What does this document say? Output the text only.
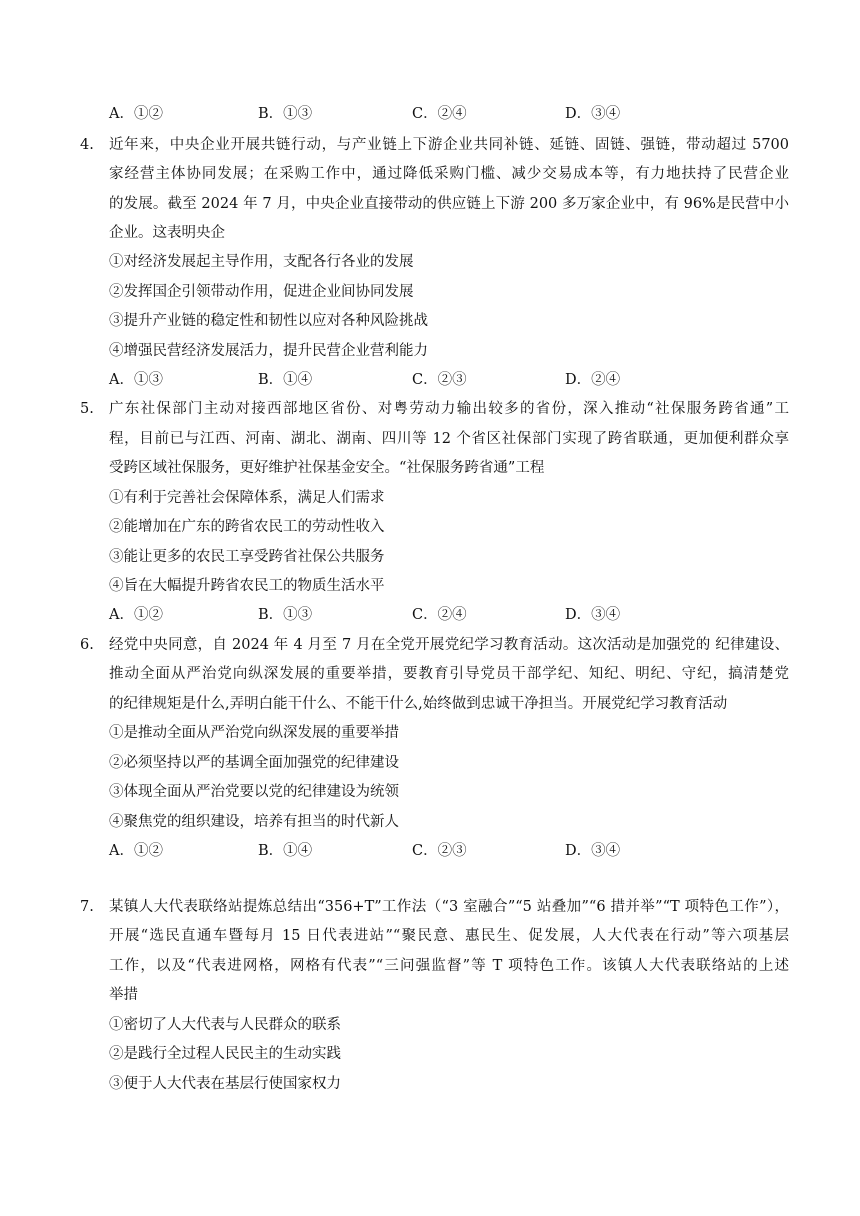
A．①②	B．①③	C．②④	D．③④
4. 近年来，中央企业开展共链行动，与产业链上下游企业共同补链、延链、固链、强链，带动超过 5700
家经营主体协同发展；在采购工作中，通过降低采购门槛、减少交易成本等，有力地扶持了民营企业
的发展。截至 2024 年 7 月，中央企业直接带动的供应链上下游 200 多万家企业中，有 96%是民营中小
企业。这表明央企
①对经济发展起主导作用，支配各行各业的发展
②发挥国企引领带动作用，促进企业间协同发展
③提升产业链的稳定性和韧性以应对各种风险挑战
④增强民营经济发展活力，提升民营企业营利能力
A．①③	B．①④	C．②③	D．②④
5. 广东社保部门主动对接西部地区省份、对粤劳动力输出较多的省份，深入推动“社保服务跨省通”工
程，目前已与江西、河南、湖北、湖南、四川等 12 个省区社保部门实现了跨省联通，更加便利群众享
受跨区域社保服务，更好维护社保基金安全。“社保服务跨省通”工程
①有利于完善社会保障体系，满足人们需求
②能增加在广东的跨省农民工的劳动性收入
③能让更多的农民工享受跨省社保公共服务
④旨在大幅提升跨省农民工的物质生活水平
A．①②	B．①③	C．②④	D．③④
6. 经党中央同意，自 2024 年 4 月至 7 月在全党开展党纪学习教育活动。这次活动是加强党的 纪律建设、
推动全面从严治党向纵深发展的重要举措，要教育引导党员干部学纪、知纪、明纪、守纪，搞清楚党
的纪律规矩是什么,弄明白能干什么、不能干什么,始终做到忠诚干净担当。开展党纪学习教育活动
①是推动全面从严治党向纵深发展的重要举措
②必须坚持以严的基调全面加强党的纪律建设
③体现全面从严治党要以党的纪律建设为统领
④聚焦党的组织建设，培养有担当的时代新人
A．①②	B．①④	C．②③	D．③④
7. 某镇人大代表联络站提炼总结出“356+T”工作法（“3 室融合”“5 站叠加”“6 措并举”“T 项特色工作”），
开展“选民直通车暨每月 15 日代表进站”“聚民意、惠民生、促发展，人大代表在行动”等六项基层
工作，以及“代表进网格，网格有代表”“三问强监督”等 T 项特色工作。该镇人大代表联络站的上述
举措
①密切了人大代表与人民群众的联系
②是践行全过程人民民主的生动实践
③便于人大代表在基层行使国家权力
